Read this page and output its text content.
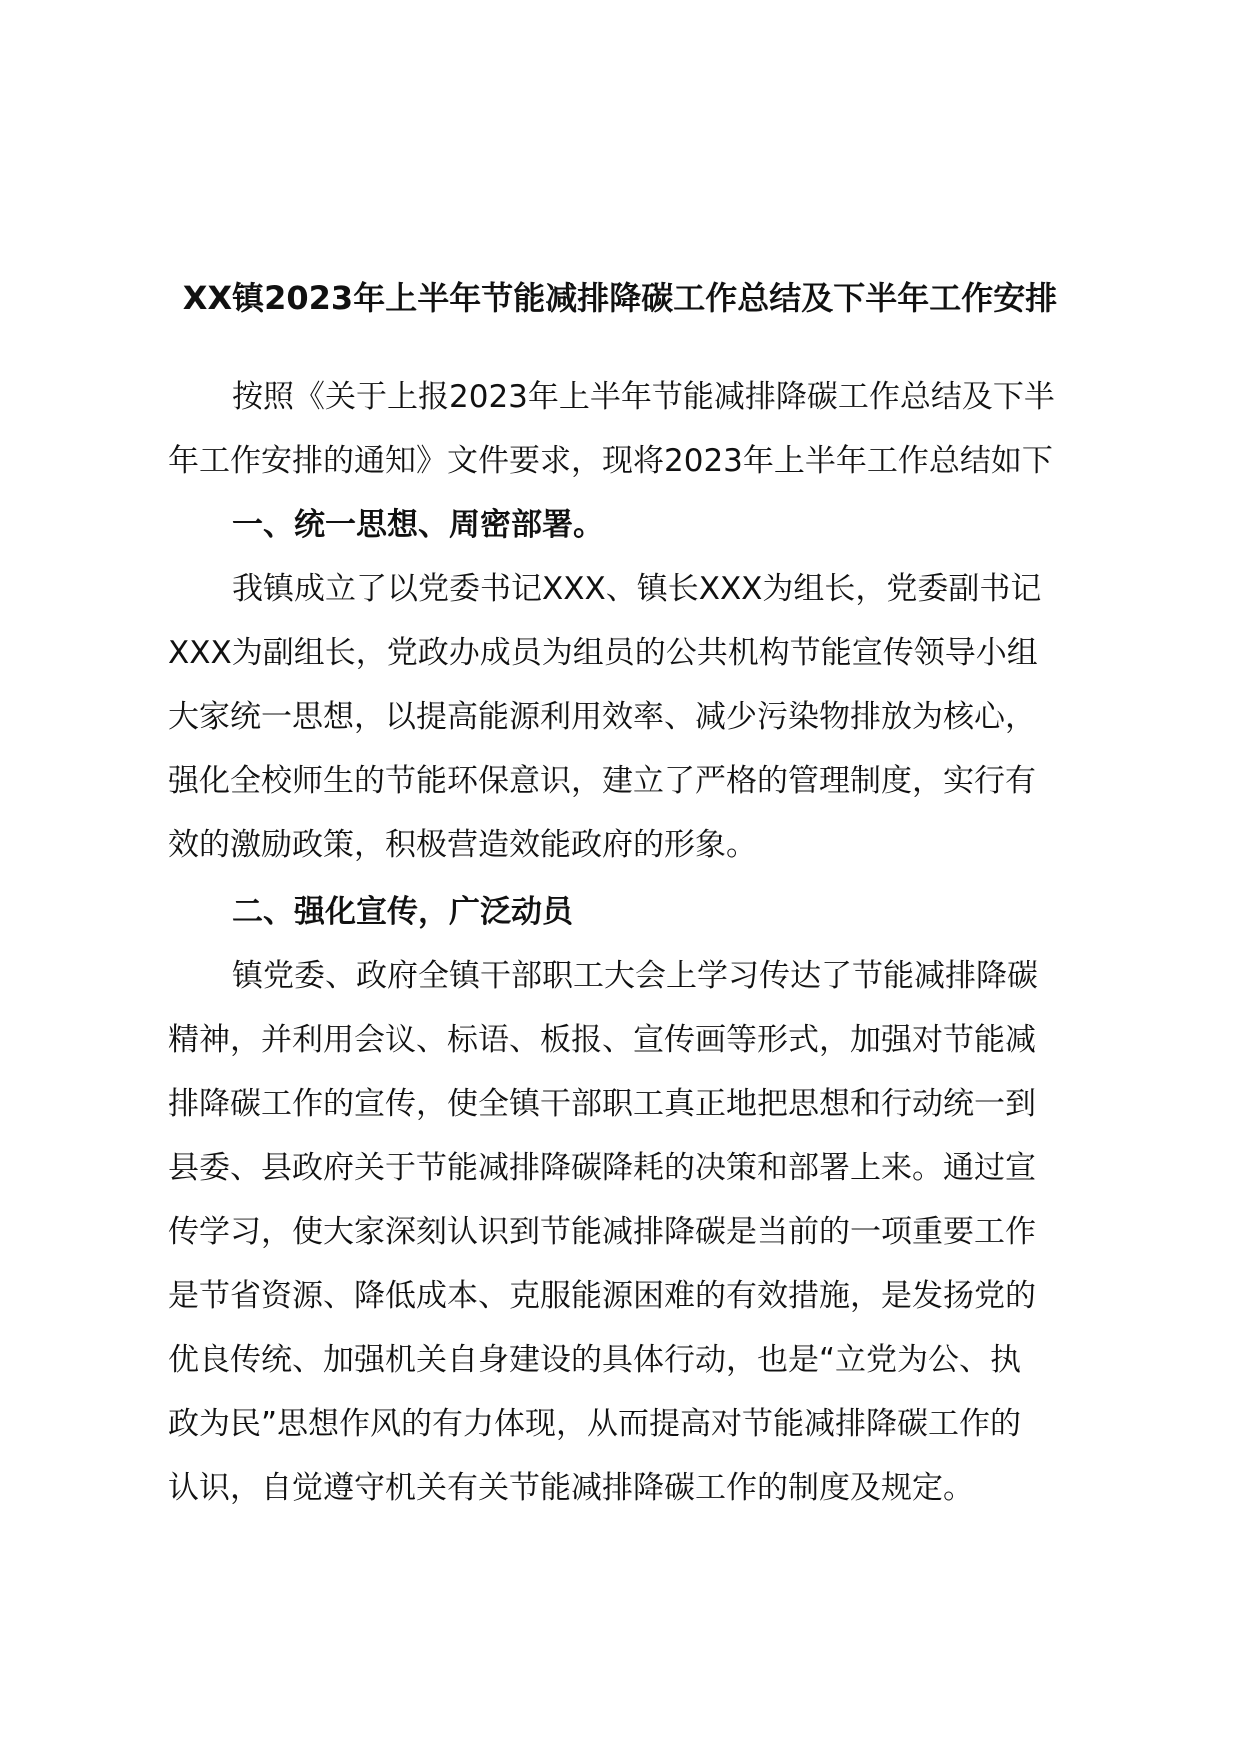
XX镇2023年上半年节能减排降碳工作总结及下半年工作安排
按照《关于上报2023年上半年节能减排降碳工作总结及下半
年工作安排的通知》文件要求，现将2023年上半年工作总结如下
一、统一思想、周密部署。
我镇成立了以党委书记XXX、镇长XXX为组长，党委副书记
XXX为副组长，党政办成员为组员的公共机构节能宣传领导小组
大家统一思想，以提高能源利用效率、减少污染物排放为核心，
强化全校师生的节能环保意识，建立了严格的管理制度，实行有
效的激励政策，积极营造效能政府的形象。
二、强化宣传，广泛动员
镇党委、政府全镇干部职工大会上学习传达了节能减排降碳
精神，并利用会议、标语、板报、宣传画等形式，加强对节能减
排降碳工作的宣传，使全镇干部职工真正地把思想和行动统一到
县委、县政府关于节能减排降碳降耗的决策和部署上来。通过宣
传学习，使大家深刻认识到节能减排降碳是当前的一项重要工作
是节省资源、降低成本、克服能源困难的有效措施，是发扬党的
优良传统、加强机关自身建设的具体行动，也是“立党为公、执
政为民”思想作风的有力体现，从而提高对节能减排降碳工作的
认识，自觉遵守机关有关节能减排降碳工作的制度及规定。
